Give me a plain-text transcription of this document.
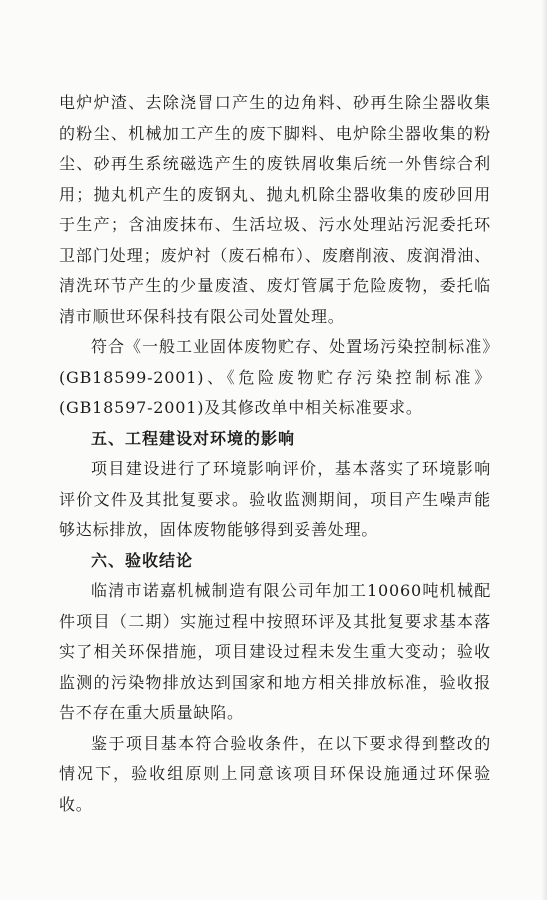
电炉炉渣、去除浇冒口产生的边角料、砂再生除尘器收集的粉尘、机械加工产生的废下脚料、电炉除尘器收集的粉尘、砂再生系统磁选产生的废铁屑收集后统一外售综合利用；抛丸机产生的废钢丸、抛丸机除尘器收集的废砂回用于生产；含油废抹布、生活垃圾、污水处理站污泥委托环卫部门处理；废炉衬（废石棉布）、废磨削液、废润滑油、清洗环节产生的少量废渣、废灯管属于危险废物，委托临清市顺世环保科技有限公司处置处理。

符合《一般工业固体废物贮存、处置场污染控制标准》(GB18599-2001)、《危险废物贮存污染控制标准》(GB18597-2001)及其修改单中相关标准要求。

五、工程建设对环境的影响

项目建设进行了环境影响评价，基本落实了环境影响评价文件及其批复要求。验收监测期间，项目产生噪声能够达标排放，固体废物能够得到妥善处理。

六、验收结论

临清市诺嘉机械制造有限公司年加工10060吨机械配件项目（二期）实施过程中按照环评及其批复要求基本落实了相关环保措施，项目建设过程未发生重大变动；验收监测的污染物排放达到国家和地方相关排放标准，验收报告不存在重大质量缺陷。

鉴于项目基本符合验收条件，在以下要求得到整改的情况下，验收组原则上同意该项目环保设施通过环保验收。
